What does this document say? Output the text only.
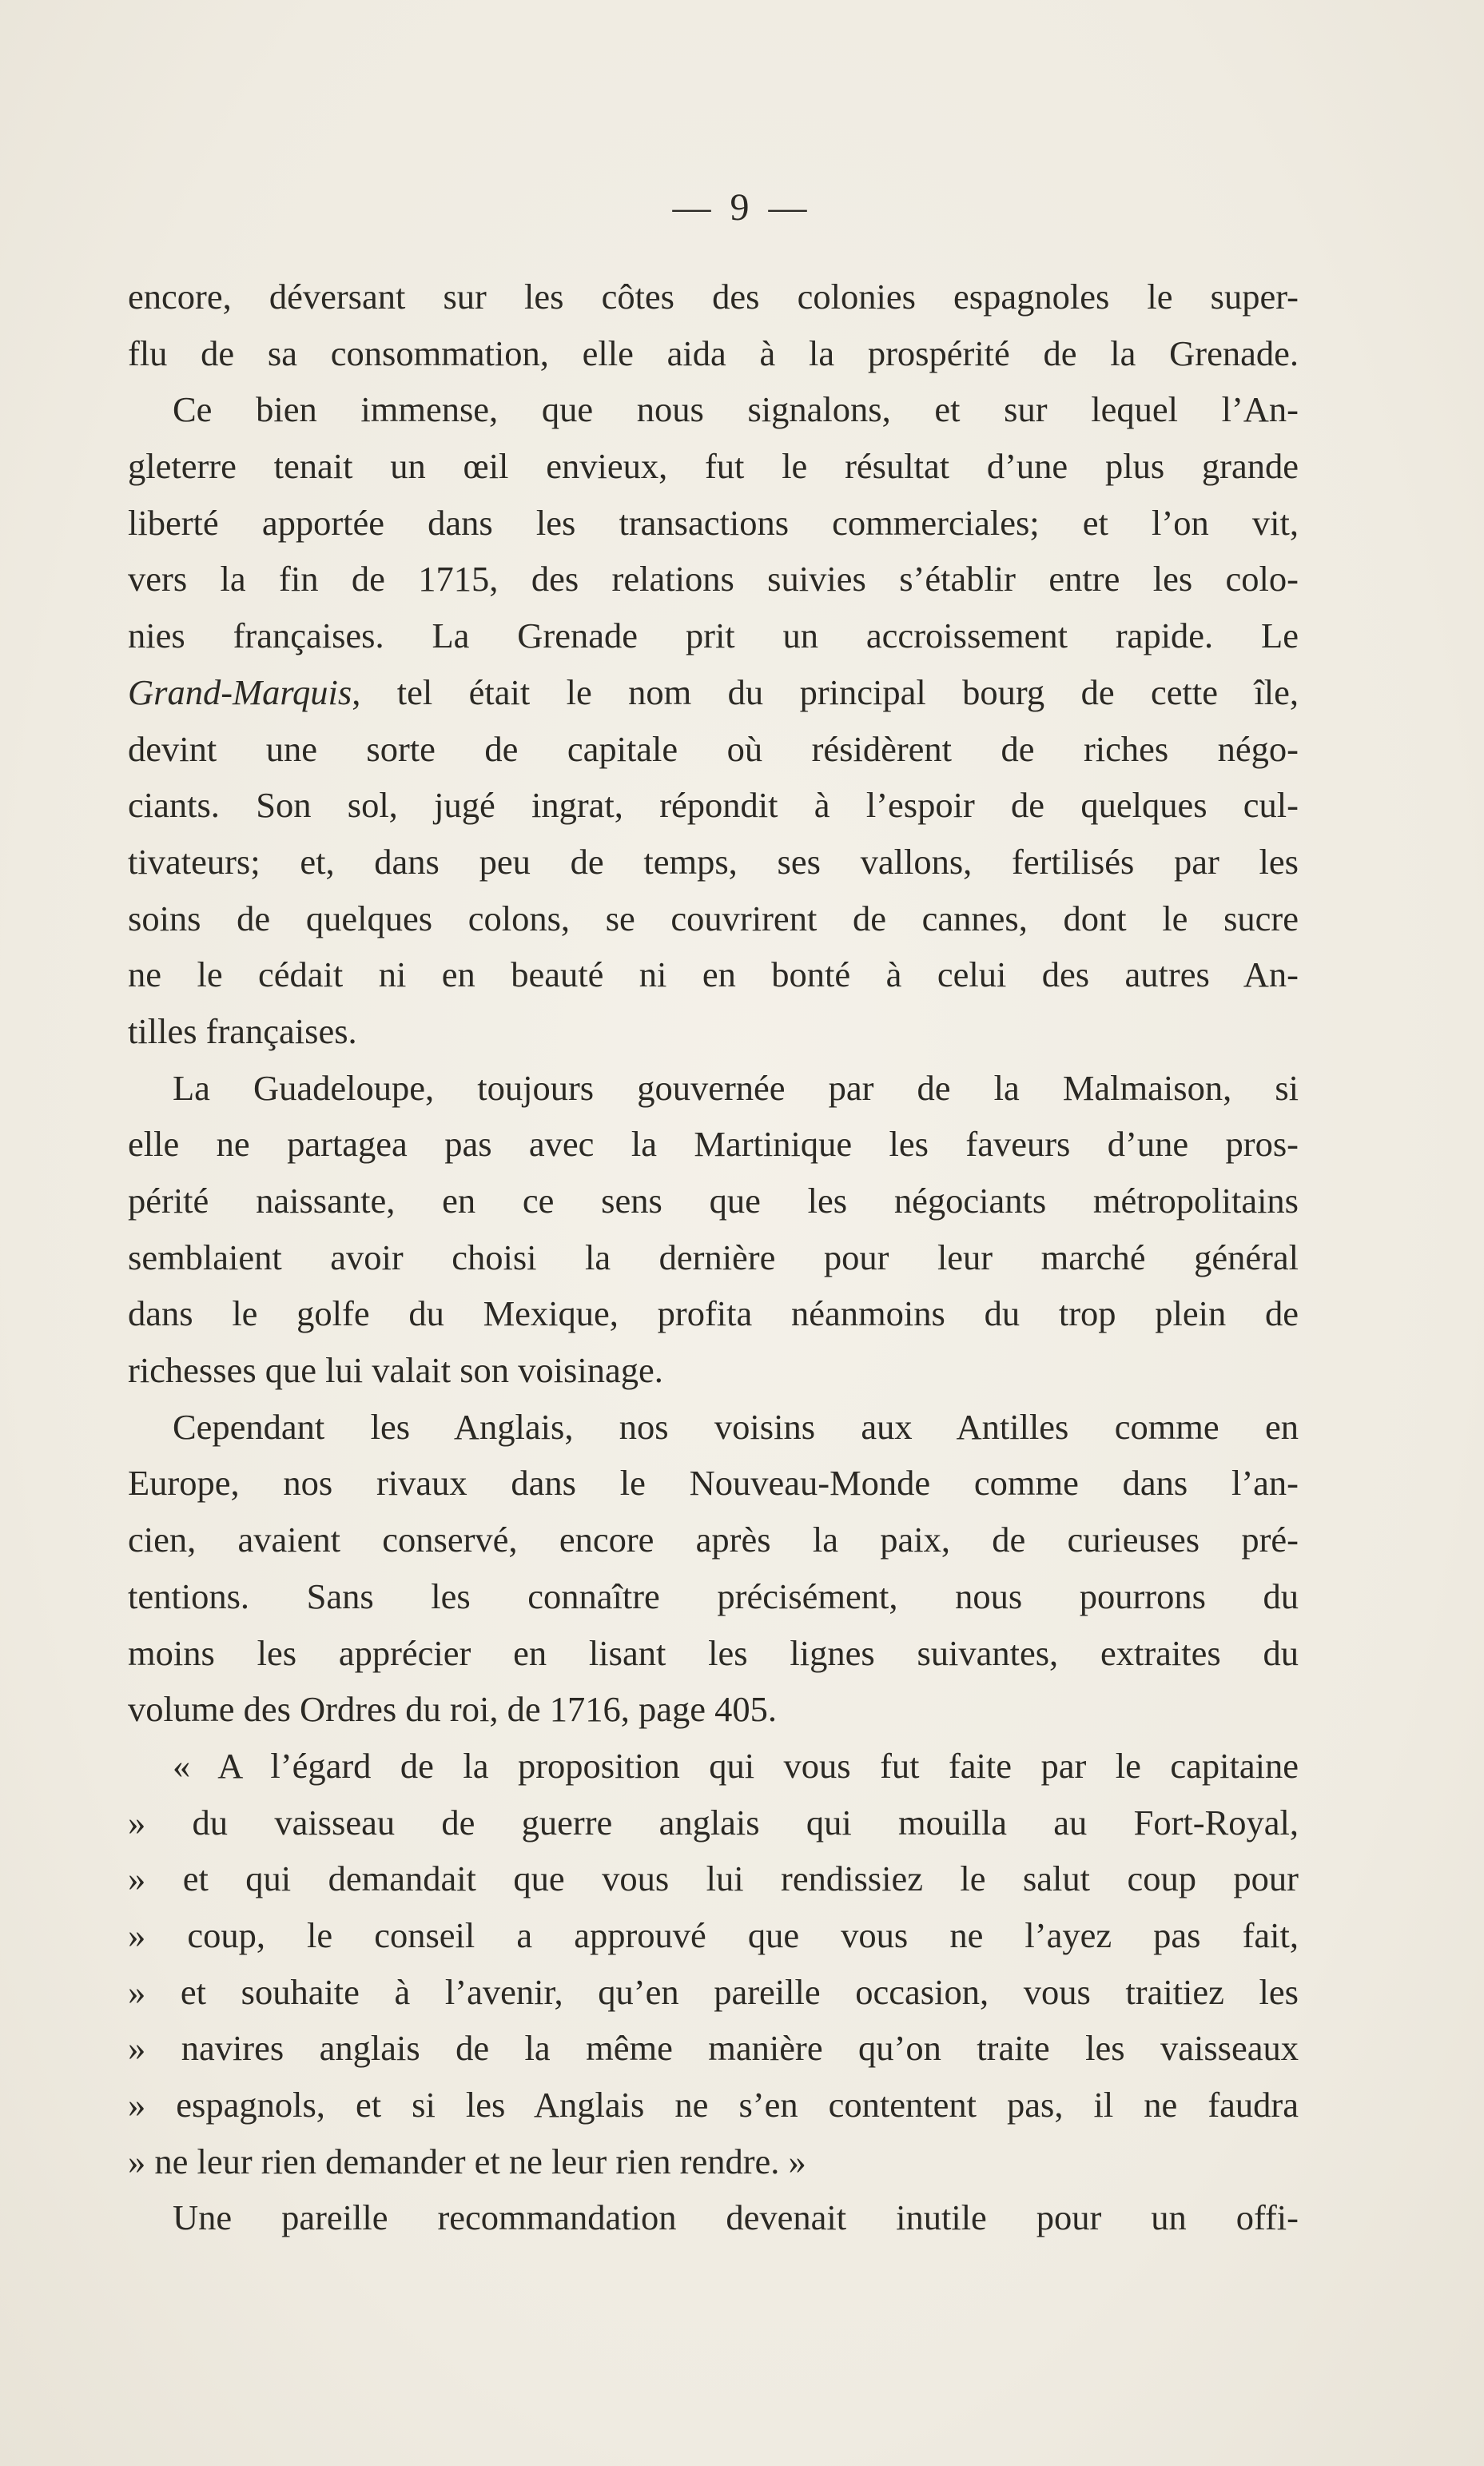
— 9 —
encore, déversant sur les côtes des colonies espagnoles le super-
flu de sa consommation, elle aida à la prospérité de la Grenade.
Ce bien immense, que nous signalons, et sur lequel l’An-
gleterre tenait un œil envieux, fut le résultat d’une plus grande
liberté apportée dans les transactions commerciales; et l’on vit,
vers la fin de 1715, des relations suivies s’établir entre les colo-
nies françaises. La Grenade prit un accroissement rapide. Le
Grand-Marquis, tel était le nom du principal bourg de cette île,
devint une sorte de capitale où résidèrent de riches négo-
ciants. Son sol, jugé ingrat, répondit à l’espoir de quelques cul-
tivateurs; et, dans peu de temps, ses vallons, fertilisés par les
soins de quelques colons, se couvrirent de cannes, dont le sucre
ne le cédait ni en beauté ni en bonté à celui des autres An-
tilles françaises.
La Guadeloupe, toujours gouvernée par de la Malmaison, si
elle ne partagea pas avec la Martinique les faveurs d’une pros-
périté naissante, en ce sens que les négociants métropolitains
semblaient avoir choisi la dernière pour leur marché général
dans le golfe du Mexique, profita néanmoins du trop plein de
richesses que lui valait son voisinage.
Cependant les Anglais, nos voisins aux Antilles comme en
Europe, nos rivaux dans le Nouveau-Monde comme dans l’an-
cien, avaient conservé, encore après la paix, de curieuses pré-
tentions. Sans les connaître précisément, nous pourrons du
moins les apprécier en lisant les lignes suivantes, extraites du
volume des Ordres du roi, de 1716, page 405.
« A l’égard de la proposition qui vous fut faite par le capitaine
» du vaisseau de guerre anglais qui mouilla au Fort-Royal,
» et qui demandait que vous lui rendissiez le salut coup pour
» coup, le conseil a approuvé que vous ne l’ayez pas fait,
» et souhaite à l’avenir, qu’en pareille occasion, vous traitiez les
» navires anglais de la même manière qu’on traite les vaisseaux
» espagnols, et si les Anglais ne s’en contentent pas, il ne faudra
» ne leur rien demander et ne leur rien rendre. »
Une pareille recommandation devenait inutile pour un offi-
